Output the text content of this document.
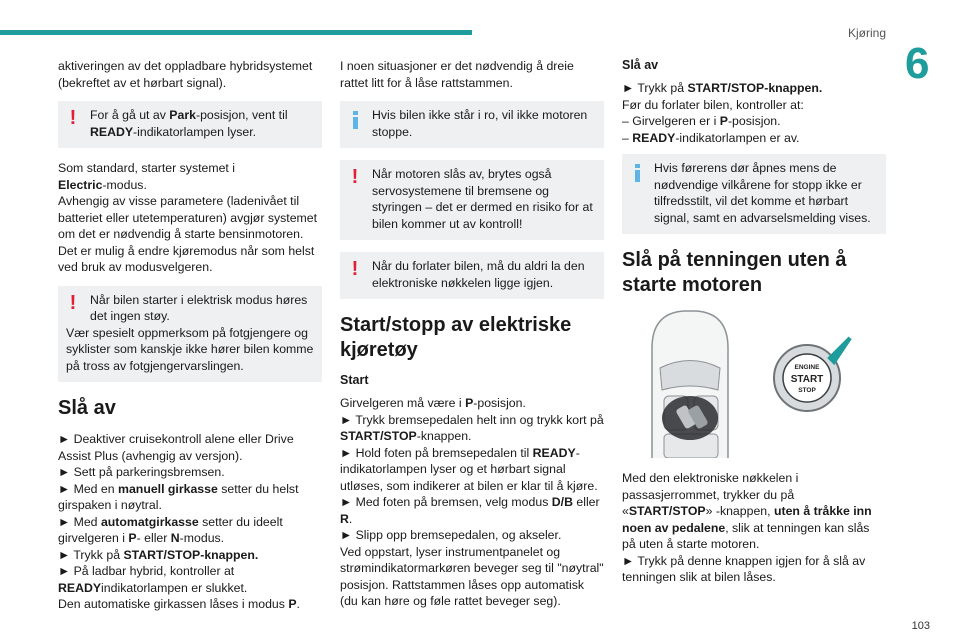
Kjøring
6
103

aktiveringen av det oppladbare hybridsystemet (bekreftet av et hørbart signal).

!	For å gå ut av Park-posisjon, vent til READY-indikatorlampen lyser.

Som standard, starter systemet i
Electric-modus.
Avhengig av visse parametere (ladenivået til batteriet eller utetemperaturen) avgjør systemet om det er nødvendig å starte bensinmotoren.
Det er mulig å endre kjøremodus når som helst ved bruk av modusvelgeren.

!	Når bilen starter i elektrisk modus høres det ingen støy.
Vær spesielt oppmerksom på fotgjengere og syklister som kanskje ikke hører bilen komme på tross av fotgjengervarslingen.
Slå av

► Deaktiver cruisekontroll alene eller Drive Assist Plus (avhengig av versjon).
► Sett på parkeringsbremsen.
► Med en manuell girkasse setter du helst girspaken i nøytral.
► Med automatgirkasse setter du ideelt girvelgeren i P- eller N-modus.
► Trykk på START/STOP-knappen.
► På ladbar hybrid, kontroller at
READYindikatorlampen er slukket.
Den automatiske girkassen låses i modus P.

I noen situasjoner er det nødvendig å dreie rattet litt for å låse rattstammen.

Hvis bilen ikke står i ro, vil ikke motoren stoppe.
!	Når motoren slås av, brytes også servosystemene til bremsene og styringen – det er dermed en risiko for at bilen kommer ut av kontroll!
!	Når du forlater bilen, må du aldri la den elektroniske nøkkelen ligge igjen.
Start/stopp av elektriske kjøretøy
Start

Girvelgeren må være i P-posisjon.
► Trykk bremsepedalen helt inn og trykk kort på START/STOP-knappen.
► Hold foten på bremsepedalen til READY-indikatorlampen lyser og et hørbart signal utløses, som indikerer at bilen er klar til å kjøre.
► Med foten på bremsen, velg modus D/B eller R.
► Slipp opp bremsepedalen, og akseler.
Ved oppstart, lyser instrumentpanelet og strømindikatormarkøren beveger seg til "nøytral" posisjon. Rattstammen låses opp automatisk (du kan høre og føle rattet beveger seg).

Slå av

► Trykk på START/STOP-knappen.
Før du forlater bilen, kontroller at:
– Girvelgeren er i P-posisjon.
– READY-indikatorlampen er av.

Hvis førerens dør åpnes mens de nødvendige vilkårene for stopp ikke er tilfredsstilt, vil det komme et hørbart signal, samt en advarselsmelding vises.
Slå på tenningen uten å starte motoren
ENGINE
START
STOP

Med den elektroniske nøkkelen i passasjerrommet, trykker du på «START/STOP» -knappen, uten å tråkke inn noen av pedalene, slik at tenningen kan slås på uten å starte motoren.
► Trykk på denne knappen igjen for å slå av tenningen slik at bilen låses.
